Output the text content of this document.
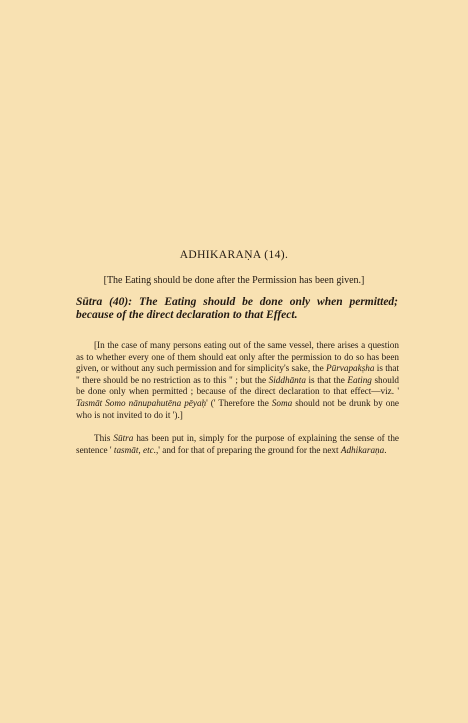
ADHIKARAṆA (14).
[The Eating should be done after the Permission has been given.]
Sūtra (40): The Eating should be done only when permitted; because of the direct declaration to that Effect.
[In the case of many persons eating out of the same vessel, there arises a question as to whether every one of them should eat only after the permission to do so has been given, or without any such permission and for simplicity's sake, the Pūrvapakṣha is that " there should be no restriction as to this " ; but the Siddhānta is that the Eating should be done only when permitted ; because of the direct declaration to that effect—viz. ' Tasmāt Somo nānupahutēna pēyaḥ' (' Therefore the Soma should not be drunk by one who is not invited to do it ').]
This Sūtra has been put in, simply for the purpose of explaining the sense of the sentence ' tasmāt, etc.,' and for that of preparing the ground for the next Adhikaraṇa.
